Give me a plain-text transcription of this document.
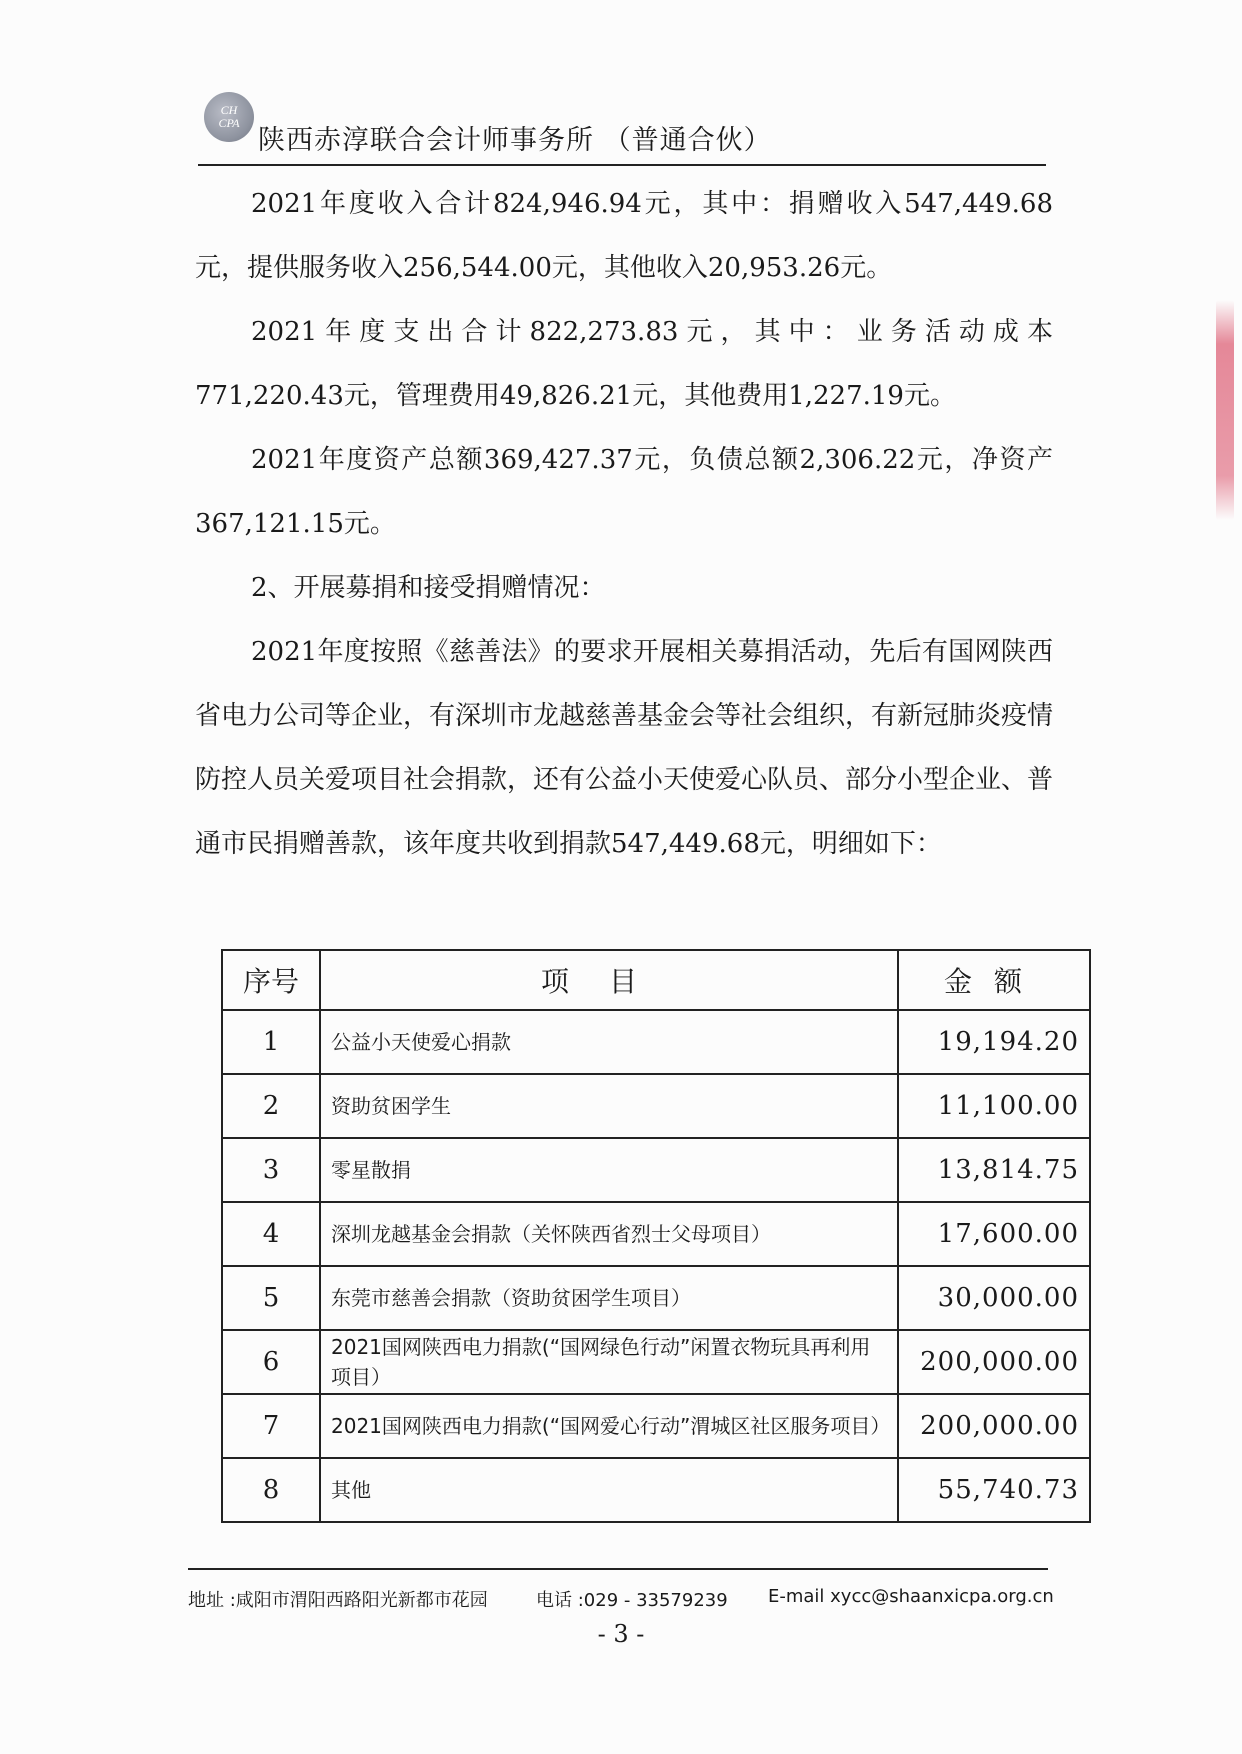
CH
CPA
陕西赤淳联合会计师事务所 （普通合伙）

2021年度收入合计824,946.94元，其中：捐赠收入547,449.68元，提供服务收入256,544.00元，其他收入20,953.26元。

2021年度支出合计822,273.83元，其中：业务活动成本771,220.43元，管理费用49,826.21元，其他费用1,227.19元。

2021年度资产总额369,427.37元，负债总额2,306.22元，净资产367,121.15元。

2、开展募捐和接受捐赠情况：

2021年度按照《慈善法》的要求开展相关募捐活动，先后有国网陕西省电力公司等企业，有深圳市龙越慈善基金会等社会组织，有新冠肺炎疫情防控人员关爱项目社会捐款，还有公益小天使爱心队员、部分小型企业、普通市民捐赠善款，该年度共收到捐款547,449.68元，明细如下：

序号	项目	金额
1	公益小天使爱心捐款	19,194.20
2	资助贫困学生	11,100.00
3	零星散捐	13,814.75
4	深圳龙越基金会捐款（关怀陕西省烈士父母项目）	17,600.00
5	东莞市慈善会捐款（资助贫困学生项目）	30,000.00
6	2021国网陕西电力捐款(“国网绿色行动”闲置衣物玩具再利用项目）	200,000.00
7	2021国网陕西电力捐款(“国网爱心行动”渭城区社区服务项目）	200,000.00
8	其他	55,740.73
地址 :咸阳市渭阳西路阳光新都市花园	电话 :029 - 33579239 E-mail xycc@shaanxicpa.org.cn
- 3 -
